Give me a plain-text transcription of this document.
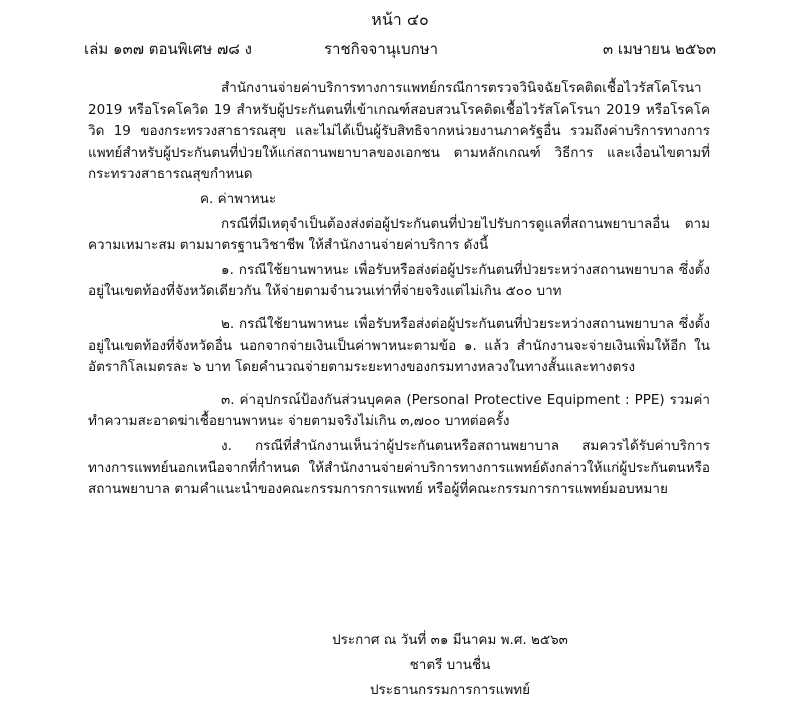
หน้า ๔๐
เล่ม ๑๓๗ ตอนพิเศษ ๗๘ ง	ราชกิจจานุเบกษา	๓ เมษายน ๒๕๖๓

สำนักงานจ่ายค่าบริการทางการแพทย์กรณีการตรวจวินิจฉัยโรคติดเชื้อไวรัสโคโรนา 2019 หรือโรคโควิด 19 สำหรับผู้ประกันตนที่เข้าเกณฑ์สอบสวนโรคติดเชื้อไวรัสโคโรนา 2019 หรือโรคโควิด 19 ของกระทรวงสาธารณสุข และไม่ได้เป็นผู้รับสิทธิจากหน่วยงานภาครัฐอื่น รวมถึงค่าบริการทางการแพทย์สำหรับผู้ประกันตนที่ป่วยให้แก่สถานพยาบาลของเอกชน ตามหลักเกณฑ์ วิธีการ และเงื่อนไขตามที่กระทรวงสาธารณสุขกำหนด

ค. ค่าพาหนะ

กรณีที่มีเหตุจำเป็นต้องส่งต่อผู้ประกันตนที่ป่วยไปรับการดูแลที่สถานพยาบาลอื่น ตามความเหมาะสม ตามมาตรฐานวิชาชีพ ให้สำนักงานจ่ายค่าบริการ ดังนี้

๑. กรณีใช้ยานพาหนะ เพื่อรับหรือส่งต่อผู้ประกันตนที่ป่วยระหว่างสถานพยาบาล ซึ่งตั้งอยู่ในเขตท้องที่จังหวัดเดียวกัน ให้จ่ายตามจำนวนเท่าที่จ่ายจริงแต่ไม่เกิน ๕๐๐ บาท

๒. กรณีใช้ยานพาหนะ เพื่อรับหรือส่งต่อผู้ประกันตนที่ป่วยระหว่างสถานพยาบาล ซึ่งตั้งอยู่ในเขตท้องที่จังหวัดอื่น นอกจากจ่ายเงินเป็นค่าพาหนะตามข้อ ๑. แล้ว สำนักงานจะจ่ายเงินเพิ่มให้อีก ในอัตรากิโลเมตรละ ๖ บาท โดยคำนวณจ่ายตามระยะทางของกรมทางหลวงในทางสั้นและทางตรง

๓. ค่าอุปกรณ์ป้องกันส่วนบุคคล (Personal Protective Equipment : PPE) รวมค่าทำความสะอาดฆ่าเชื้อยานพาหนะ จ่ายตามจริงไม่เกิน ๓,๗๐๐ บาทต่อครั้ง

ง. กรณีที่สำนักงานเห็นว่าผู้ประกันตนหรือสถานพยาบาล สมควรได้รับค่าบริการทางการแพทย์นอกเหนือจากที่กำหนด ให้สำนักงานจ่ายค่าบริการทางการแพทย์ดังกล่าวให้แก่ผู้ประกันตนหรือสถานพยาบาล ตามคำแนะนำของคณะกรรมการการแพทย์ หรือผู้ที่คณะกรรมการการแพทย์มอบหมาย

ประกาศ ณ วันที่ ๓๑ มีนาคม พ.ศ. ๒๕๖๓
ชาตรี บานชื่น
ประธานกรรมการการแพทย์
